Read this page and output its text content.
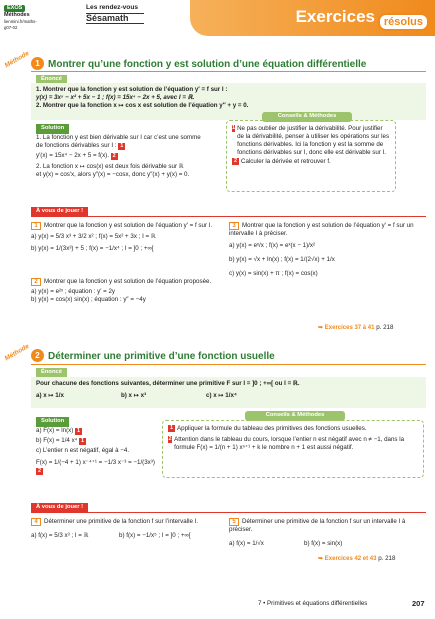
EXOS
Méthodes
lienmini.fr/maths-g07-02
Les rendez-vous
Sésamath	Exercices résolus
Méthode 1 Montrer qu’une fonction y est solution d’une équation différentielle
Énoncé
1. Montrer que la fonction y est solution de l’équation y′ = f sur I :
y(x) = 3x⁵ − x² + 5x − 1 ; f(x) = 15x⁴ − 2x + 5, avec I = ℝ.
2. Montrer que la fonction x ↦ cos x est solution de l’équation y″ + y = 0.
Solution
1. La fonction y est bien dérivable sur I car c’est une somme
de fonctions dérivables sur I : 1
y′(x) = 15x⁴ − 2x + 5 = f(x). 2
2. La fonction x ↦ cos(x) est deux fois dérivable sur ℝ
et y(x) = cos′x, alors y″(x) = −cosx, donc y″(x) + y(x) = 0.
Conseils & Méthodes
1 Ne pas oublier de justifier la dérivabilité. Pour justifier de la dérivabilité, penser à utiliser les opérations sur les fonctions dérivables. Ici la fonction y est la somme de fonctions dérivables sur I, donc elle est dérivable sur I.
2 Calculer la dérivée et retrouver f.
À vous de jouer !
1 Montrer que la fonction y est solution de l’équation y′ = f sur I.
a) y(x) = 5/3 x³ + 3/2 x² ; f(x) = 5x² + 3x ; I = ℝ
b) y(x) = 1/(3x³) + 5 ; f(x) = −1/x⁴ ; I = ]0 ; +∞[
2 Montrer que la fonction y est solution de l’équation proposée.
a) y(x) = e²ˣ ; équation : y′ = 2y
b) y(x) = cos(x) sin(x) ; équation : y″ = −4y
3 Montrer que la fonction y est solution de l’équation y′ = f sur un intervalle I à préciser.
a) y(x) = eˣ/x ; f(x) = eˣ(x − 1)/x²
b) y(x) = √x + ln(x) ; f(x) = 1/(2√x) + 1/x
c) y(x) = sin(x) + π ; f(x) = cos(x)
➥ Exercices 37 à 41 p. 218
Méthode 2 Déterminer une primitive d’une fonction usuelle
Énoncé
Pour chacune des fonctions suivantes, déterminer une primitive F sur I = ]0 ; +∞[ ou I = ℝ.
a) x ↦ 1/x	b) x ↦ x³	c) x ↦ 1/x⁴
Solution
a) F(x) = ln(x) 1
b) F(x) = 1/4 x⁴ 1
c) L’entier n est négatif, égal à −4.
F(x) = 1/(−4 + 1) x⁻⁴⁺¹ = −1/3 x⁻³ = −1/(3x³) 2
Conseils & Méthodes
1 Appliquer la formule du tableau des primitives des fonctions usuelles.
2 Attention dans le tableau du cours, lorsque l’entier n est négatif avec n ≠ −1, dans la formule F(x) = 1/(n + 1) xⁿ⁺¹ + k le nombre n + 1 est aussi négatif.
À vous de jouer !
4 Déterminer une primitive de la fonction f sur l’intervalle I.
a) f(x) = 5/3 x³ ; I = ℝ	b) f(x) = −1/x⁵ ; I = ]0 ; +∞[
5 Déterminer une primitive de la fonction f sur un intervalle I à préciser.
a) f(x) = 1/√x	b) f(x) = sin(x)
➥ Exercices 42 et 43 p. 218
7 • Primitives et équations différentielles	207
